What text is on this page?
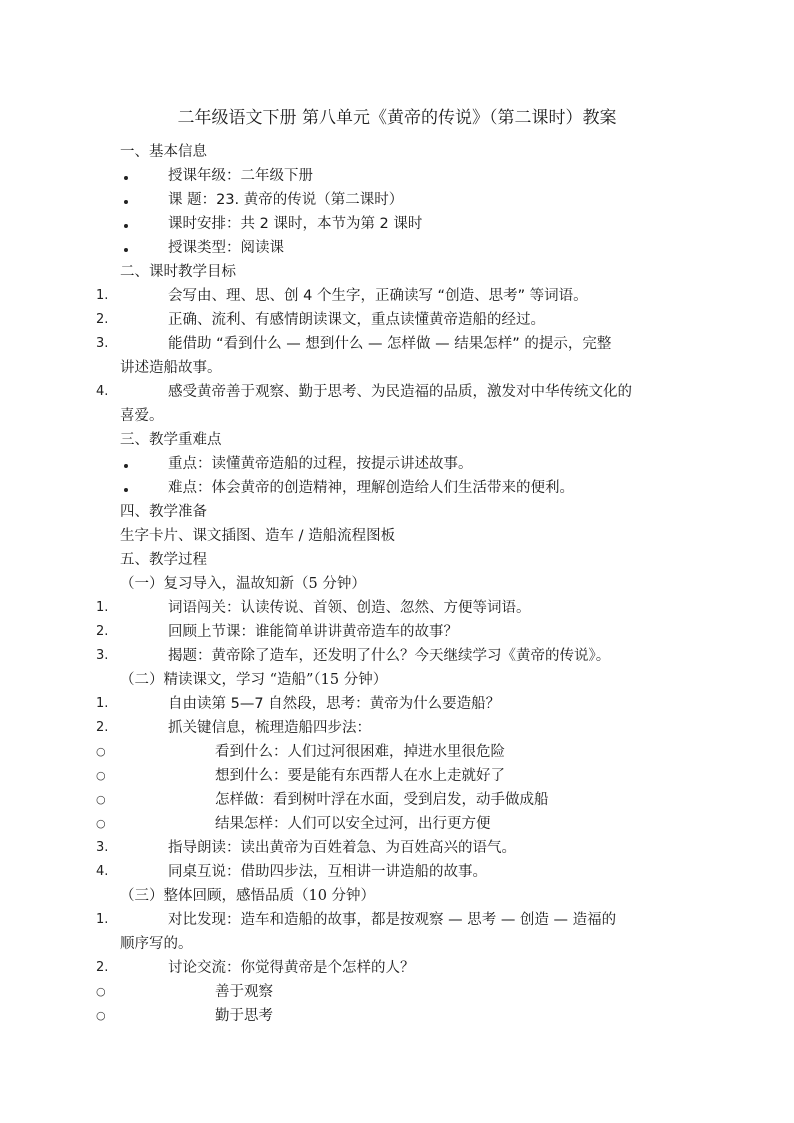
二年级语文下册 第八单元《黄帝的传说》（第二课时）教案
一、基本信息
授课年级：二年级下册
课 题：23. 黄帝的传说（第二课时）
课时安排：共 2 课时，本节为第 2 课时
授课类型：阅读课
二、课时教学目标
1.	会写由、理、思、创 4 个生字，正确读写 “创造、思考” 等词语。
2.	正确、流利、有感情朗读课文，重点读懂黄帝造船的经过。
3.	能借助 “看到什么 — 想到什么 — 怎样做 — 结果怎样” 的提示，完整
讲述造船故事。
4.	感受黄帝善于观察、勤于思考、为民造福的品质，激发对中华传统文化的
喜爱。
三、教学重难点
重点：读懂黄帝造船的过程，按提示讲述故事。
难点：体会黄帝的创造精神，理解创造给人们生活带来的便利。
四、教学准备
生字卡片、课文插图、造车 / 造船流程图板
五、教学过程
（一）复习导入，温故知新（5 分钟）
1.	词语闯关：认读传说、首领、创造、忽然、方便等词语。
2.	回顾上节课：谁能简单讲讲黄帝造车的故事？
3.	揭题：黄帝除了造车，还发明了什么？今天继续学习《黄帝的传说》。
（二）精读课文，学习 “造船”（15 分钟）
1.	自由读第 5—7 自然段，思考：黄帝为什么要造船？
2.	抓关键信息，梳理造船四步法：
○	看到什么：人们过河很困难，掉进水里很危险
○	想到什么：要是能有东西帮人在水上走就好了
○	怎样做：看到树叶浮在水面，受到启发，动手做成船
○	结果怎样：人们可以安全过河，出行更方便
3.	指导朗读：读出黄帝为百姓着急、为百姓高兴的语气。
4.	同桌互说：借助四步法，互相讲一讲造船的故事。
（三）整体回顾，感悟品质（10 分钟）
1.	对比发现：造车和造船的故事，都是按观察 — 思考 — 创造 — 造福的
顺序写的。
2.	讨论交流：你觉得黄帝是个怎样的人？
○	善于观察
○	勤于思考
